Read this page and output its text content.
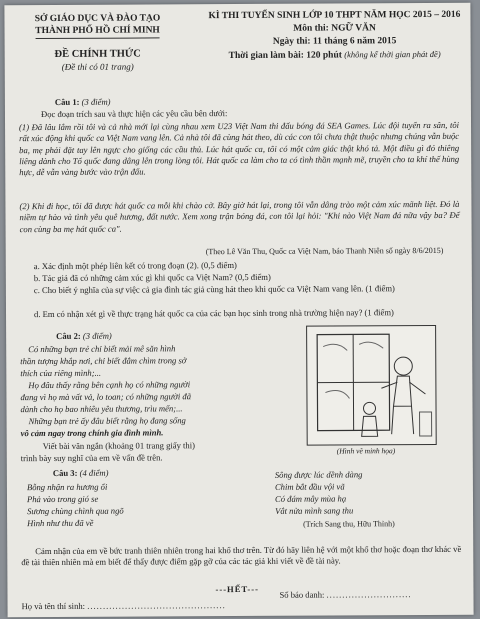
SỞ GIÁO DỤC VÀ ĐÀO TẠO
THÀNH PHỐ HỒ CHÍ MINH
ĐỀ CHÍNH THỨC
(Đề thi có 01 trang)
KÌ THI TUYỂN SINH LỚP 10 THPT NĂM HỌC 2015 – 2016
Môn thi: NGỮ VĂN
Ngày thi: 11 tháng 6 năm 2015
Thời gian làm bài: 120 phút (không kể thời gian phát đề)
Câu 1: (3 điểm)
Đọc đoạn trích sau và thực hiện các yêu cầu bên dưới:
(1) Đã lâu lắm rồi tôi và cả nhà mới lại cùng nhau xem U23 Việt Nam thi đấu bóng đá SEA Games. Lúc đội tuyển ra sân, tôi rất xúc động khi quốc ca Việt Nam vang lên. Cả nhà tôi đã cùng hát theo, dù các con tôi chưa thật thuộc nhưng chúng vẫn buộc ba, mẹ phải đặt tay lên ngực cho giống các cầu thủ. Lúc hát quốc ca, tôi có một cảm giác thật khó tả. Một điều gì đó thiêng liêng dành cho Tổ quốc đang dâng lên trong lòng tôi. Hát quốc ca làm cho ta có tình thần mạnh mẽ, truyền cho ta khí thế hùng hực, dễ vẫn vàng bước vào trận đấu.
(2) Khi đi học, tôi đã được hát quốc ca mỗi khi chào cờ. Bây giờ hát lại, trong tôi vẫn dâng trào một cảm xúc mãnh liệt. Đó là niềm tự hào và tình yêu quê hương, đất nước. Xem xong trận bóng đá, con tôi lại hỏi: "Khi nào Việt Nam đá nữa vậy ba? Để con cùng ba mẹ hát quốc ca".
(Theo Lê Văn Thu, Quốc ca Việt Nam, báo Thanh Niên số ngày 8/6/2015)
a. Xác định một phép liên kết có trong đoạn (2). (0,5 điểm)
b. Tác giả đã có những cảm xúc gì khi quốc ca Việt Nam? (0,5 điểm)
c. Cho biết ý nghĩa của sự việc cả gia đình tác giả cùng hát theo khi quốc ca Việt Nam vang lên. (1 điểm)
d. Em có nhận xét gì về thực trạng hát quốc ca của các bạn học sinh trong nhà trường hiện nay? (1 điểm)
Câu 2: (3 điểm)
Có những bạn trẻ chỉ biết mải mê săn hình
thần tượng khắp nơi, chỉ biết đắm chìm trong sở
thích của riêng mình;...
Họ đâu thấy rằng bên cạnh họ có những người
đang vì họ mà vất vả, lo toan; có những người đã
dành cho họ bao nhiêu yêu thương, trìu mến;...
Những bạn trẻ ấy đâu biết rằng họ đang sống
vô cảm ngay trong chính gia đình mình.
Viết bài văn ngắn (khoảng 01 trang giấy thi)
trình bày suy nghĩ của em về vấn đề trên.
(Hình vẽ minh họa)
Câu 3: (4 điểm)
Bỗng nhận ra hương ổi
Phả vào trong gió se
Sương chùng chình qua ngõ
Hình như thu đã về
Sông được lúc dềnh dàng
Chim bắt đầu vội vã
Có đám mây mùa hạ
Vắt nửa mình sang thu
(Trích Sang thu, Hữu Thỉnh)
Cảm nhận của em về bức tranh thiên nhiên trong hai khổ thơ trên. Từ đó hãy liên hệ với một khổ thơ hoặc đoạn thơ khác về đề tài thiên nhiên mà em biết để thấy được điểm gặp gỡ của các tác giả khi viết về đề tài này.
---HẾT---
Họ và tên thí sinh: ............................................
Số báo danh: ...........................
